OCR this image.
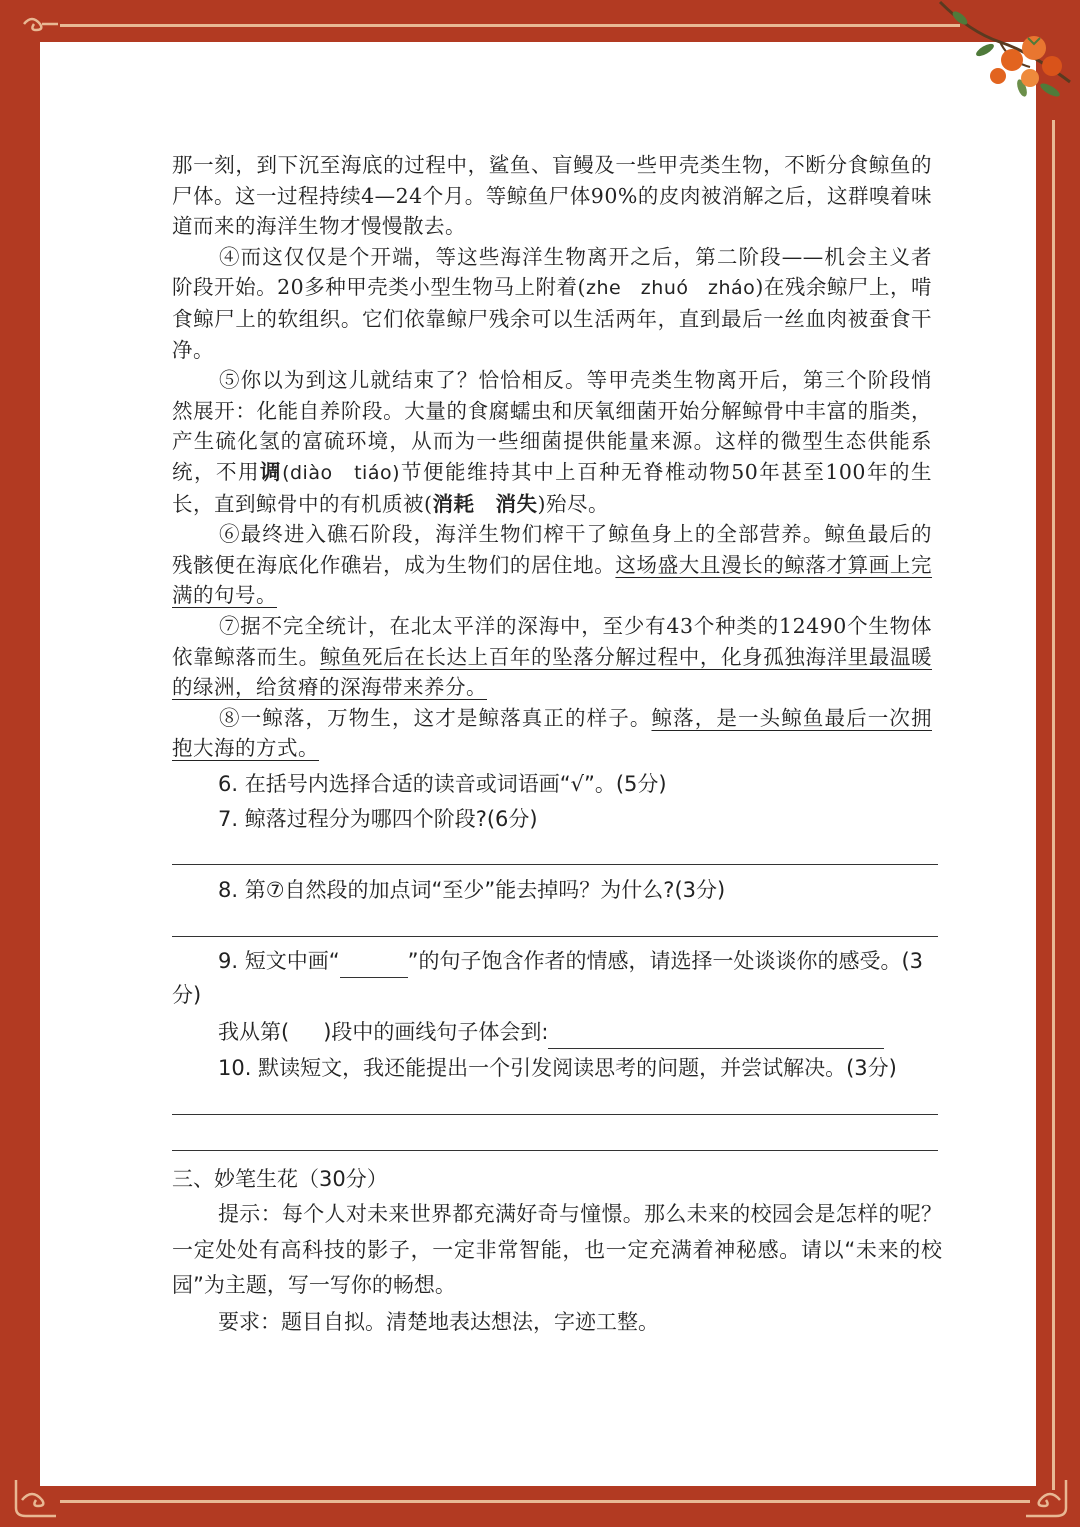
那一刻，到下沉至海底的过程中，鲨鱼、盲鳗及一些甲壳类生物，不断分食鲸鱼的尸体。这一过程持续4—24个月。等鲸鱼尸体90%的皮肉被消解之后，这群嗅着味道而来的海洋生物才慢慢散去。

④而这仅仅是个开端，等这些海洋生物离开之后，第二阶段——机会主义者阶段开始。20多种甲壳类小型生物马上附着(zhe　zhuó　zháo)在残余鲸尸上，啃食鲸尸上的软组织。它们依靠鲸尸残余可以生活两年，直到最后一丝血肉被蚕食干净。

⑤你以为到这儿就结束了？恰恰相反。等甲壳类生物离开后，第三个阶段悄然展开：化能自养阶段。大量的食腐蠕虫和厌氧细菌开始分解鲸骨中丰富的脂类，产生硫化氢的富硫环境，从而为一些细菌提供能量来源。这样的微型生态供能系统，不用调(diào　tiáo)节便能维持其中上百种无脊椎动物50年甚至100年的生长，直到鲸骨中的有机质被(消耗　消失)殆尽。

⑥最终进入礁石阶段，海洋生物们榨干了鲸鱼身上的全部营养。鲸鱼最后的残骸便在海底化作礁岩，成为生物们的居住地。这场盛大且漫长的鲸落才算画上完满的句号。

⑦据不完全统计，在北太平洋的深海中，至少有43个种类的12490个生物体依靠鲸落而生。鲸鱼死后在长达上百年的坠落分解过程中，化身孤独海洋里最温暖的绿洲，给贫瘠的深海带来养分。

⑧一鲸落，万物生，这才是鲸落真正的样子。鲸落，是一头鲸鱼最后一次拥抱大海的方式。

6. 在括号内选择合适的读音或词语画“√”。(5分)
7. 鲸落过程分为哪四个阶段?(6分)
8. 第⑦自然段的加点词“至少”能去掉吗？为什么?(3分)
9. 短文中画“	”的句子饱含作者的情感，请选择一处谈谈你的感受。(3分)
我从第( )段中的画线句子体会到:
10. 默读短文，我还能提出一个引发阅读思考的问题，并尝试解决。(3分)
三、妙笔生花（30分）
提示：每个人对未来世界都充满好奇与憧憬。那么未来的校园会是怎样的呢？一定处处有高科技的影子，一定非常智能，也一定充满着神秘感。请以“未来的校园”为主题，写一写你的畅想。
要求：题目自拟。清楚地表达想法，字迹工整。
